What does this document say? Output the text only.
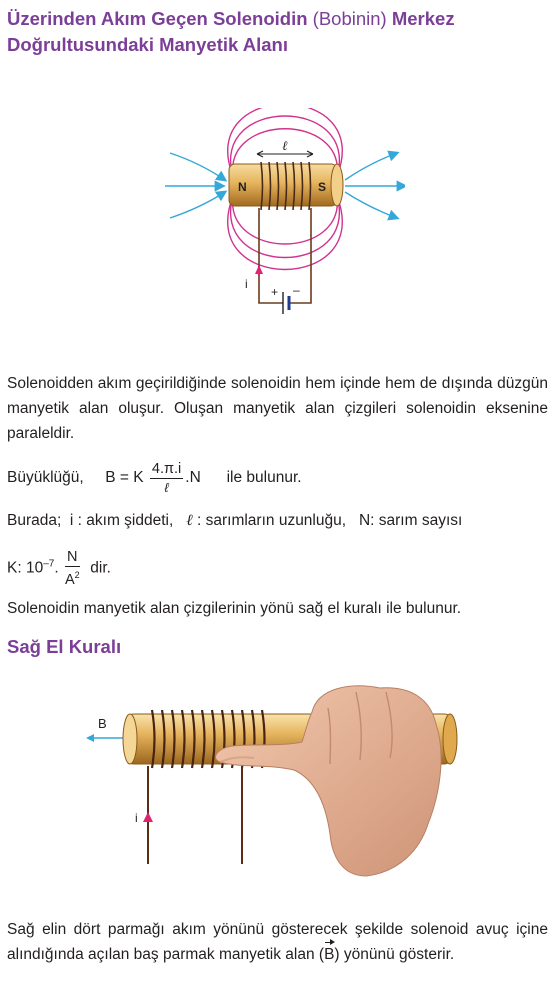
Üzerinden Akım Geçen Solenoidin (Bobinin) Merkez Doğrultusundaki Manyetik Alanı
ℓ
N	S
i
+ –

Solenoidden akım geçirildiğinde solenoidin hem içinde hem de dışında düzgün manyetik alan oluşur. Oluşan manyetik alan çizgileri solenoidin eksenine paraleldir.

Büyüklüğü, B = K $\frac{4.\pi.i}{\text{ℓ}} .N$ ile bulunur.
Burada; i : akım şiddeti, ℓ : sarımların uzunluğu, N: sarım sayısı
K: $10^{-7}$. $\frac{N}{A^2}$ dir.

Solenoidin manyetik alan çizgilerinin yönü sağ el kuralı ile bulunur.

Sağ El Kuralı
B
i

Sağ elin dört parmağı akım yönünü gösterecek şekilde solenoid avuç içine alındığında açılan baş parmak manyetik alan (B) yönünü gösterir.
